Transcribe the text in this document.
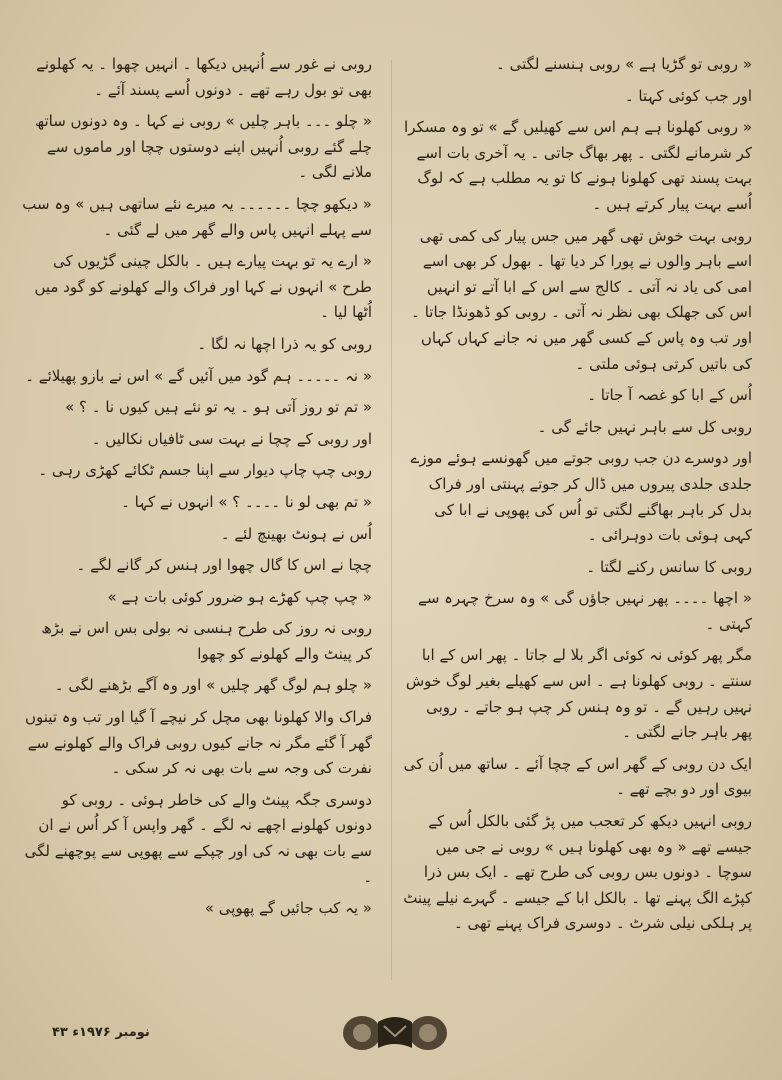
« روبی تو گڑیا ہے » روبی ہنسنے لگتی ۔

اور جب کوئی کہتا ۔

« روبی کھلونا ہے ہم اس سے کھیلیں گے » تو وہ مسکرا کر شرمانے لگتی ۔ پھر بھاگ جاتی ۔ یہ آخری بات اسے بہت پسند تھی کھلونا ہونے کا تو یہ مطلب ہے کہ لوگ اُسے بہت پیار کرتے ہیں ۔

روبی بہت خوش تھی گھر میں جس پیار کی کمی تھی اسے باہر والوں نے پورا کر دیا تھا ۔ بھول کر بھی اسے امی کی یاد نہ آتی ۔ کالج سے اس کے ابا آتے تو انہیں اس کی جھلک بھی نظر نہ آتی ۔ روبی کو ڈھونڈا جاتا ۔ اور تب وہ پاس کے کسی گھر میں نہ جانے کہاں کہاں کی باتیں کرتی ہوئی ملتی ۔

اُس کے ابا کو غصہ آ جاتا ۔

روبی کل سے باہر نہیں جائے گی ۔

اور دوسرے دن جب روبی جوتے میں گھونسے ہوئے موزے جلدی جلدی پیروں میں ڈال کر جوتے پہنتی اور فراک بدل کر باہر بھاگنے لگتی تو اُس کی پھوپی نے ابا کی کہی ہوئی بات دوہرائی ۔

روبی کا سانس رکنے لگتا ۔

« اچھا ۔۔۔۔ پھر نہیں جاؤں گی » وہ سرخ چہرہ سے کہتی ۔

مگر پھر کوئی نہ کوئی اگر بلا لے جاتا ۔ پھر اس کے ابا سنتے ۔ روبی کھلونا ہے ۔ اس سے کھیلے بغیر لوگ خوش نہیں رہیں گے ۔ تو وہ ہنس کر چپ ہو جاتے ۔ روبی پھر باہر جانے لگتی ۔

ایک دن روبی کے گھر اس کے چچا آئے ۔ ساتھ میں اُن کی بیوی اور دو بچے تھے ۔

روبی انہیں دیکھ کر تعجب میں پڑ گئی بالکل اُس کے جیسے تھے « وہ بھی کھلونا ہیں » روبی نے جی میں سوچا ۔ دونوں بس روبی کی طرح تھے ۔ ایک بس ذرا کپڑے الگ پہنے تھا ۔ بالکل ابا کے جیسے ۔ گہرے نیلے پینٹ پر ہلکی نیلی شرٹ ۔ دوسری فراک پہنے تھی ۔

روبی نے غور سے اُنہیں دیکھا ۔ انہیں چھوا ۔ یہ کھلونے بھی تو بول رہے تھے ۔ دونوں اُسے پسند آئے ۔

« چلو ۔۔۔ باہر چلیں » روبی نے کہا ۔ وہ دونوں ساتھ چلے گئے روبی اُنہیں اپنے دوستوں چچا اور ماموں سے ملانے لگی ۔

« دیکھو چچا ۔۔۔۔۔۔ یہ میرے نئے ساتھی ہیں » وہ سب سے پہلے انہیں پاس والے گھر میں لے گئی ۔

« ارے یہ تو بہت پیارے ہیں ۔ بالکل چینی گڑیوں کی طرح » انہوں نے کہا اور فراک والے کھلونے کو گود میں اُٹھا لیا ۔

روبی کو یہ ذرا اچھا نہ لگا ۔

« نہ ۔۔۔۔۔ ہم گود میں آئیں گے » اس نے بازو پھیلائے ۔

« تم تو روز آتی ہو ۔ یہ تو نئے ہیں کیوں نا ۔ ؟ »

اور روبی کے چچا نے بہت سی ٹافیاں نکالیں ۔

روبی چپ چاپ دیوار سے اپنا جسم ٹکائے کھڑی رہی ۔

« تم بھی لو نا ۔۔۔۔ ؟ » انہوں نے کہا ۔

اُس نے ہونٹ بھینچ لئے ۔

چچا نے اس کا گال چھوا اور ہنس کر گانے لگے ۔

« چپ چپ کھڑے ہو ضرور کوئی بات ہے »

روبی نہ روز کی طرح ہنسی نہ بولی بس اس نے بڑھ کر پینٹ والے کھلونے کو چھوا

« چلو ہم لوگ گھر چلیں » اور وہ آگے بڑھنے لگی ۔

فراک والا کھلونا بھی مچل کر نیچے آ گیا اور تب وہ تینوں گھر آ گئے مگر نہ جانے کیوں روبی فراک والے کھلونے سے نفرت کی وجہ سے بات بھی نہ کر سکی ۔

دوسری جگہ پینٹ والے کی خاطر ہوئی ۔ روبی کو دونوں کھلونے اچھے نہ لگے ۔ گھر واپس آ کر اُس نے ان سے بات بھی نہ کی اور چپکے سے پھوپی سے پوچھنے لگی ۔

« یہ کب جائیں گے پھوپی »

نومبر ۱۹۷۶ء ۴۳
